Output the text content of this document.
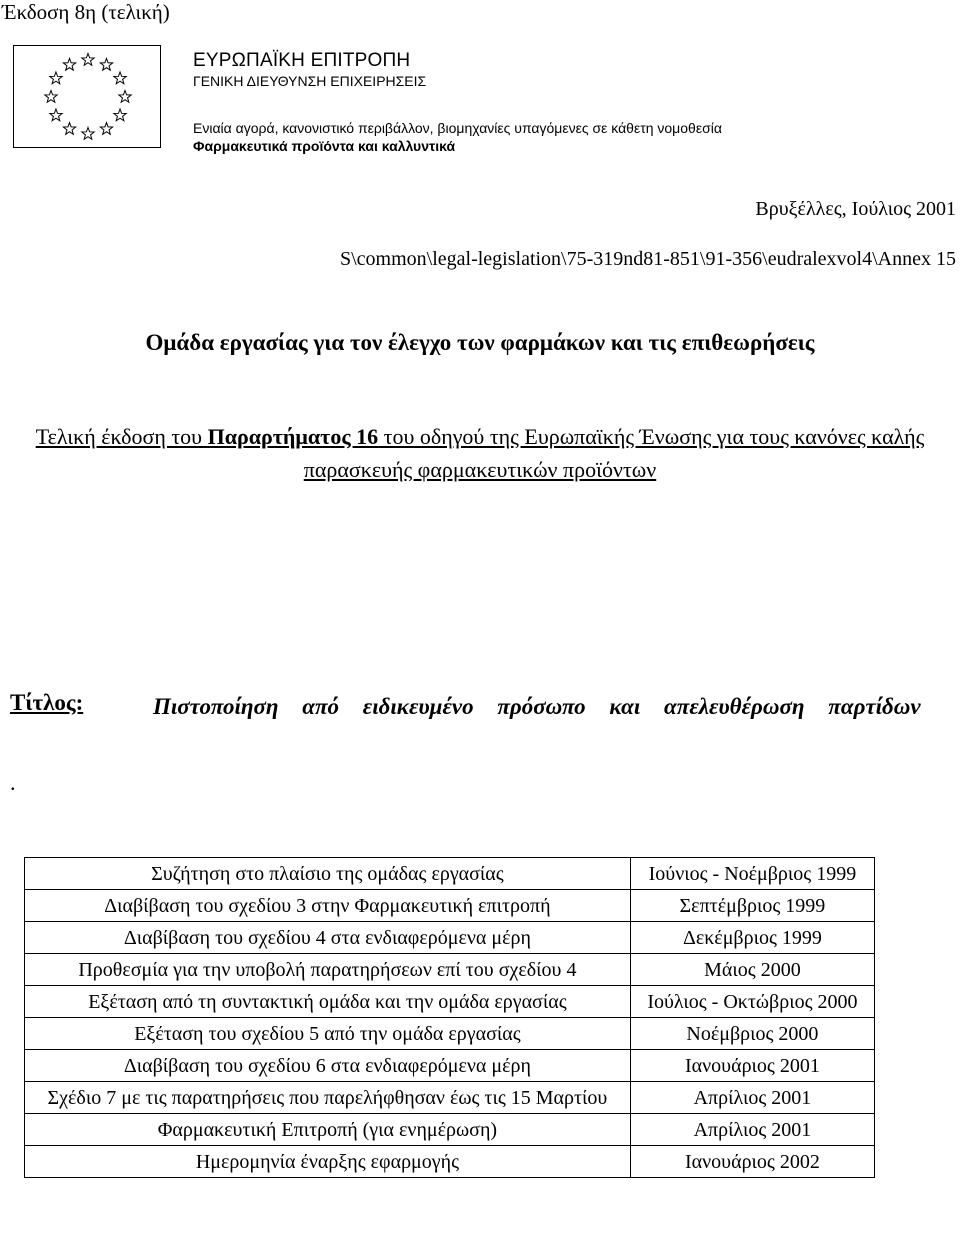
Έκδοση 8η (τελική)
ΕΥΡΩΠΑΪΚΗ ΕΠΙΤΡΟΠΗ
ΓΕΝΙΚΗ ΔΙΕΥΘΥΝΣΗ ΕΠΙΧΕΙΡΗΣΕΙΣ
Ενιαία αγορά, κανονιστικό περιβάλλον, βιομηχανίες υπαγόμενες σε κάθετη νομοθεσία
Φαρμακευτικά προϊόντα και καλλυντικά
Βρυξέλλες, Ιούλιος 2001
S\common\legal-legislation\75-319nd81-851\91-356\eudralexvol4\Annex 15
Ομάδα εργασίας για τον έλεγχο των φαρμάκων και τις επιθεωρήσεις
Τελική έκδοση του Παραρτήματος 16 του οδηγού της Ευρωπαϊκής Ένωσης για τους κανόνες καλής παρασκευής φαρμακευτικών προϊόντων
Τίτλος:	Πιστοποίηση από ειδικευμένο πρόσωπο και απελευθέρωση παρτίδων
.
Συζήτηση στο πλαίσιο της ομάδας εργασίας	Ιούνιος - Νοέμβριος 1999
Διαβίβαση του σχεδίου 3 στην Φαρμακευτική επιτροπή	Σεπτέμβριος 1999
Διαβίβαση του σχεδίου 4 στα ενδιαφερόμενα μέρη	Δεκέμβριος 1999
Προθεσμία για την υποβολή παρατηρήσεων επί του σχεδίου 4	Μάιος 2000
Εξέταση από τη συντακτική ομάδα και την ομάδα εργασίας	Ιούλιος - Οκτώβριος 2000
Εξέταση του σχεδίου 5 από την ομάδα εργασίας	Νοέμβριος 2000
Διαβίβαση του σχεδίου 6 στα ενδιαφερόμενα μέρη	Ιανουάριος 2001
Σχέδιο 7 με τις παρατηρήσεις που παρελήφθησαν έως τις 15 Μαρτίου	Απρίλιος 2001
Φαρμακευτική Επιτροπή (για ενημέρωση)	Απρίλιος 2001
Ημερομηνία έναρξης εφαρμογής	Ιανουάριος 2002
